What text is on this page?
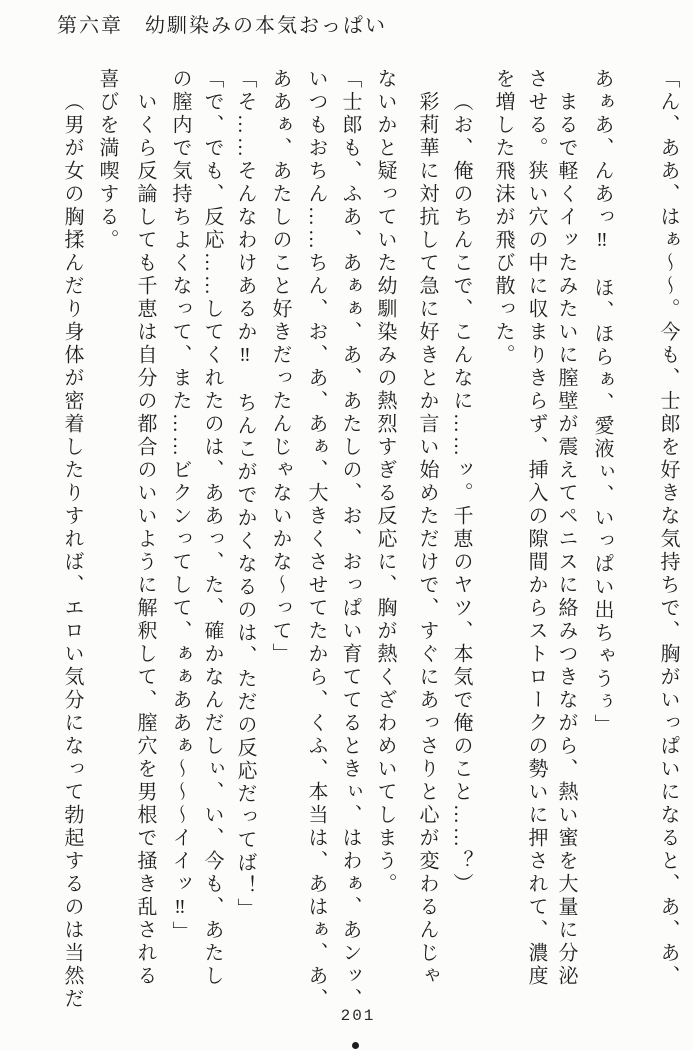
第六章　幼馴染みの本気おっぱい
「ん、ああ、はぁ～～。今も、士郎を好きな気持ちで、胸がいっぱいになると、あ、あ、
あぁあ、んあっ‼　ほ、ほらぁ、愛液ぃ、いっぱい出ちゃうぅ」
まるで軽くイッたみたいに膣壁が震えてペニスに絡みつきながら、熱い蜜を大量に分泌
させる。狭い穴の中に収まりきらず、挿入の隙間からストロークの勢いに押されて、濃度
を増した飛沫が飛び散った。
（お、俺のちんこで、こんなに……ッ。千恵のヤツ、本気で俺のこと……？）
彩莉華に対抗して急に好きとか言い始めただけで、すぐにあっさりと心が変わるんじゃ
ないかと疑っていた幼馴染みの熱烈すぎる反応に、胸が熱くざわめいてしまう。
「士郎も、ふあ、あぁぁ、あ、あたしの、お、おっぱい育ててるときぃ、はわぁ、あンッ、
いつもおちん……ちん、お、あ、あぁ、大きくさせてたから、くふ、本当は、あはぁ、あ、
ああぁ、あたしのこと好きだったんじゃないかな～って」
「そ……そんなわけあるか‼　ちんこがでかくなるのは、ただの反応だってば！」
「で、でも、反応……してくれたのは、ああっ、た、確かなんだしぃ、い、今も、あたし
の膣内で気持ちよくなって、また……ビクンってして、ぁぁああぁ～～～イイッ‼」
いくら反論しても千恵は自分の都合のいいように解釈して、膣穴を男根で掻き乱される
喜びを満喫する。
（男が女の胸揉んだり身体が密着したりすれば、エロい気分になって勃起するのは当然だ
201
